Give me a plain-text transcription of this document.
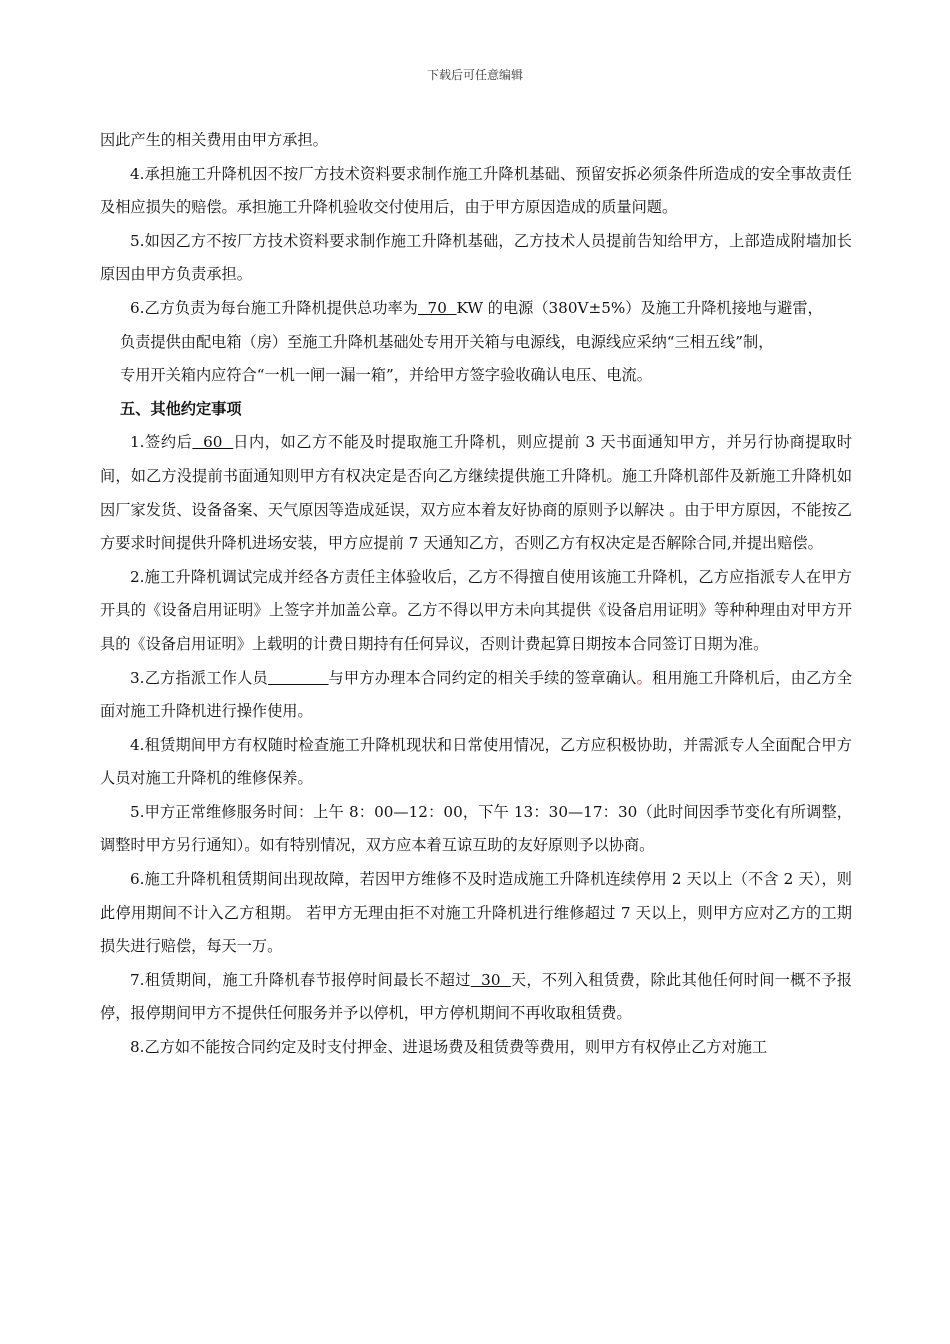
下载后可任意编辑

因此产生的相关费用由甲方承担。

4.承担施工升降机因不按厂方技术资料要求制作施工升降机基础、预留安拆必须条件所造成的安全事故责任及相应损失的赔偿。承担施工升降机验收交付使用后，由于甲方原因造成的质量问题。

5.如因乙方不按厂方技术资料要求制作施工升降机基础，乙方技术人员提前告知给甲方，上部造成附墙加长原因由甲方负责承担。

6.乙方负责为每台施工升降机提供总功率为  70  KW 的电源（380V±5%）及施工升降机接地与避雷，

负责提供由配电箱（房）至施工升降机基础处专用开关箱与电源线，电源线应采纳“三相五线”制，

专用开关箱内应符合“一机一闸一漏一箱”，并给甲方签字验收确认电压、电流。

五、其他约定事项

1.签约后  60  日内，如乙方不能及时提取施工升降机，则应提前 3 天书面通知甲方，并另行协商提取时间，如乙方没提前书面通知则甲方有权决定是否向乙方继续提供施工升降机。施工升降机部件及新施工升降机如因厂家发货、设备备案、天气原因等造成延误，双方应本着友好协商的原则予以解决 。由于甲方原因，不能按乙方要求时间提供升降机进场安装，甲方应提前 7 天通知乙方，否则乙方有权决定是否解除合同,并提出赔偿。

2.施工升降机调试完成并经各方责任主体验收后，乙方不得擅自使用该施工升降机，乙方应指派专人在甲方开具的《设备启用证明》上签字并加盖公章。乙方不得以甲方未向其提供《设备启用证明》等种种理由对甲方开具的《设备启用证明》上载明的计费日期持有任何异议，否则计费起算日期按本合同签订日期为准。

3.乙方指派工作人员	与甲方办理本合同约定的相关手续的签章确认。租用施工升降机后，由乙方全面对施工升降机进行操作使用。

4.租赁期间甲方有权随时检查施工升降机现状和日常使用情况，乙方应积极协助，并需派专人全面配合甲方人员对施工升降机的维修保养。

5.甲方正常维修服务时间：上午 8：00—12：00，下午 13：30—17：30（此时间因季节变化有所调整，调整时甲方另行通知）。如有特别情况，双方应本着互谅互助的友好原则予以协商。

6.施工升降机租赁期间出现故障，若因甲方维修不及时造成施工升降机连续停用 2 天以上（不含 2 天），则此停用期间不计入乙方租期。 若甲方无理由拒不对施工升降机进行维修超过 7 天以上，则甲方应对乙方的工期损失进行赔偿，每天一万。

7.租赁期间，施工升降机春节报停时间最长不超过  30  天，不列入租赁费，除此其他任何时间一概不予报停，报停期间甲方不提供任何服务并予以停机，甲方停机期间不再收取租赁费。

8.乙方如不能按合同约定及时支付押金、进退场费及租赁费等费用，则甲方有权停止乙方对施工
